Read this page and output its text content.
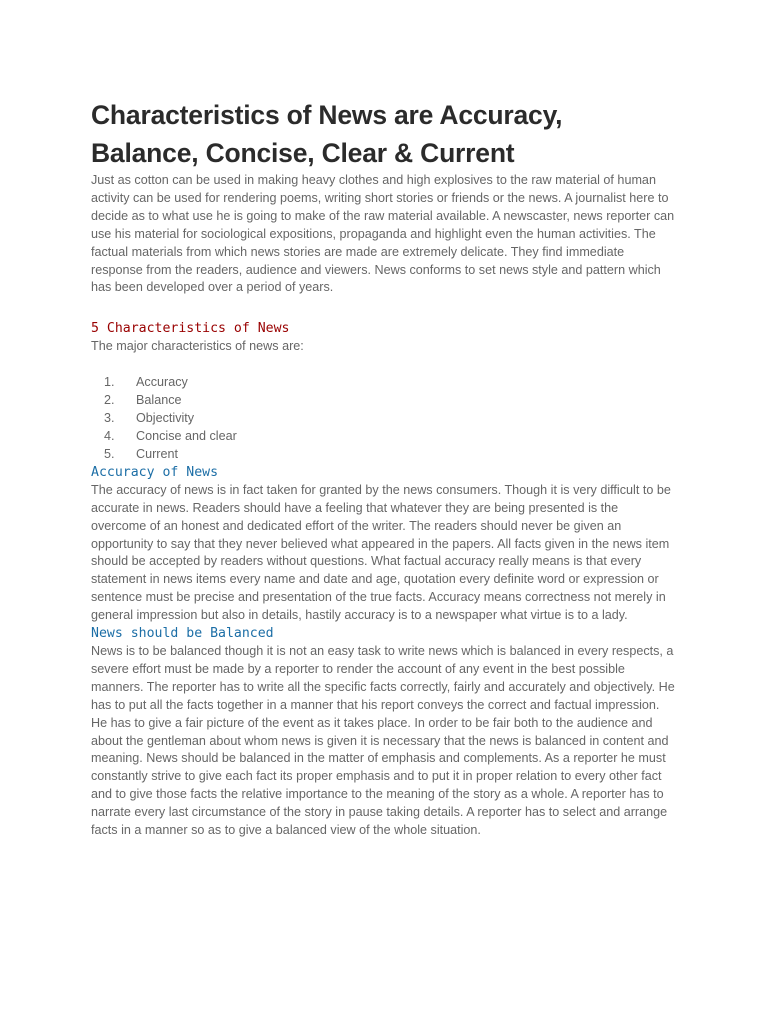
Characteristics of News are Accuracy, Balance, Concise, Clear & Current

Just as cotton can be used in making heavy clothes and high explosives to the raw material of human activity can be used for rendering poems, writing short stories or friends or the news. A journalist here to decide as to what use he is going to make of the raw material available. A newscaster, news reporter can use his material for sociological expositions, propaganda and highlight even the human activities. The factual materials from which news stories are made are extremely delicate. They find immediate response from the readers, audience and viewers. News conforms to set news style and pattern which has been developed over a period of years.

5 Characteristics of News

The major characteristics of news are:

1.	Accuracy
2.	Balance
3.	Objectivity
4.	Concise and clear
5.	Current
Accuracy of News

The accuracy of news is in fact taken for granted by the news consumers. Though it is very difficult to be accurate in news. Readers should have a feeling that whatever they are being presented is the overcome of an honest and dedicated effort of the writer. The readers should never be given an opportunity to say that they never believed what appeared in the papers. All facts given in the news item should be accepted by readers without questions. What factual accuracy really means is that every statement in news items every name and date and age, quotation every definite word or expression or sentence must be precise and presentation of the true facts. Accuracy means correctness not merely in general impression but also in details, hastily accuracy is to a newspaper what virtue is to a lady.

News should be Balanced

News is to be balanced though it is not an easy task to write news which is balanced in every respects, a severe effort must be made by a reporter to render the account of any event in the best possible manners. The reporter has to write all the specific facts correctly, fairly and accurately and objectively. He has to put all the facts together in a manner that his report conveys the correct and factual impression. He has to give a fair picture of the event as it takes place. In order to be fair both to the audience and about the gentleman about whom news is given it is necessary that the news is balanced in content and meaning. News should be balanced in the matter of emphasis and complements. As a reporter he must constantly strive to give each fact its proper emphasis and to put it in proper relation to every other fact and to give those facts the relative importance to the meaning of the story as a whole. A reporter has to narrate every last circumstance of the story in pause taking details. A reporter has to select and arrange facts in a manner so as to give a balanced view of the whole situation.
